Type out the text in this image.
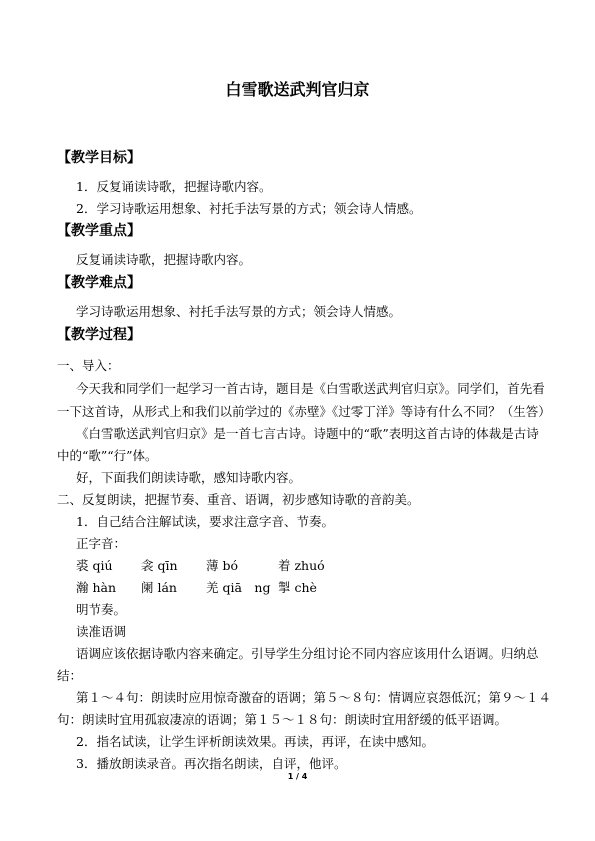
白雪歌送武判官归京
【教学目标】
1．反复诵读诗歌，把握诗歌内容。
2．学习诗歌运用想象、衬托手法写景的方式；领会诗人情感。
【教学重点】
反复诵读诗歌，把握诗歌内容。
【教学难点】
学习诗歌运用想象、衬托手法写景的方式；领会诗人情感。
【教学过程】
一、导入：
今天我和同学们一起学习一首古诗，题目是《白雪歌送武判官归京》。同学们，首先看
一下这首诗，从形式上和我们以前学过的《赤壁》《过零丁洋》等诗有什么不同？（生答）
《白雪歌送武判官归京》是一首七言古诗。诗题中的“歌”表明这首古诗的体裁是古诗
中的“歌”“行”体。
好，下面我们朗读诗歌，感知诗歌内容。
二、反复朗读，把握节奏、重音、语调，初步感知诗歌的音韵美。
1．自己结合注解试读，要求注意字音、节奏。
正字音：
裘 qiú 衾 qīn 薄 bó	着 zhuó
瀚 hàn 阑 lán 羌 qiā　ng 掣 chè
明节奏。
读准语调
语调应该依据诗歌内容来确定。引导学生分组讨论不同内容应该用什么语调。归纳总
结：
第１～４句：朗读时应用惊奇激奋的语调；第５～８句：情调应哀怨低沉；第９～１４
句：朗读时宜用孤寂凄凉的语调；第１５～１８句：朗读时宜用舒缓的低平语调。
2．指名试读，让学生评析朗读效果。再读，再评，在读中感知。
3．播放朗读录音。再次指名朗读，自评，他评。
1 / 4
